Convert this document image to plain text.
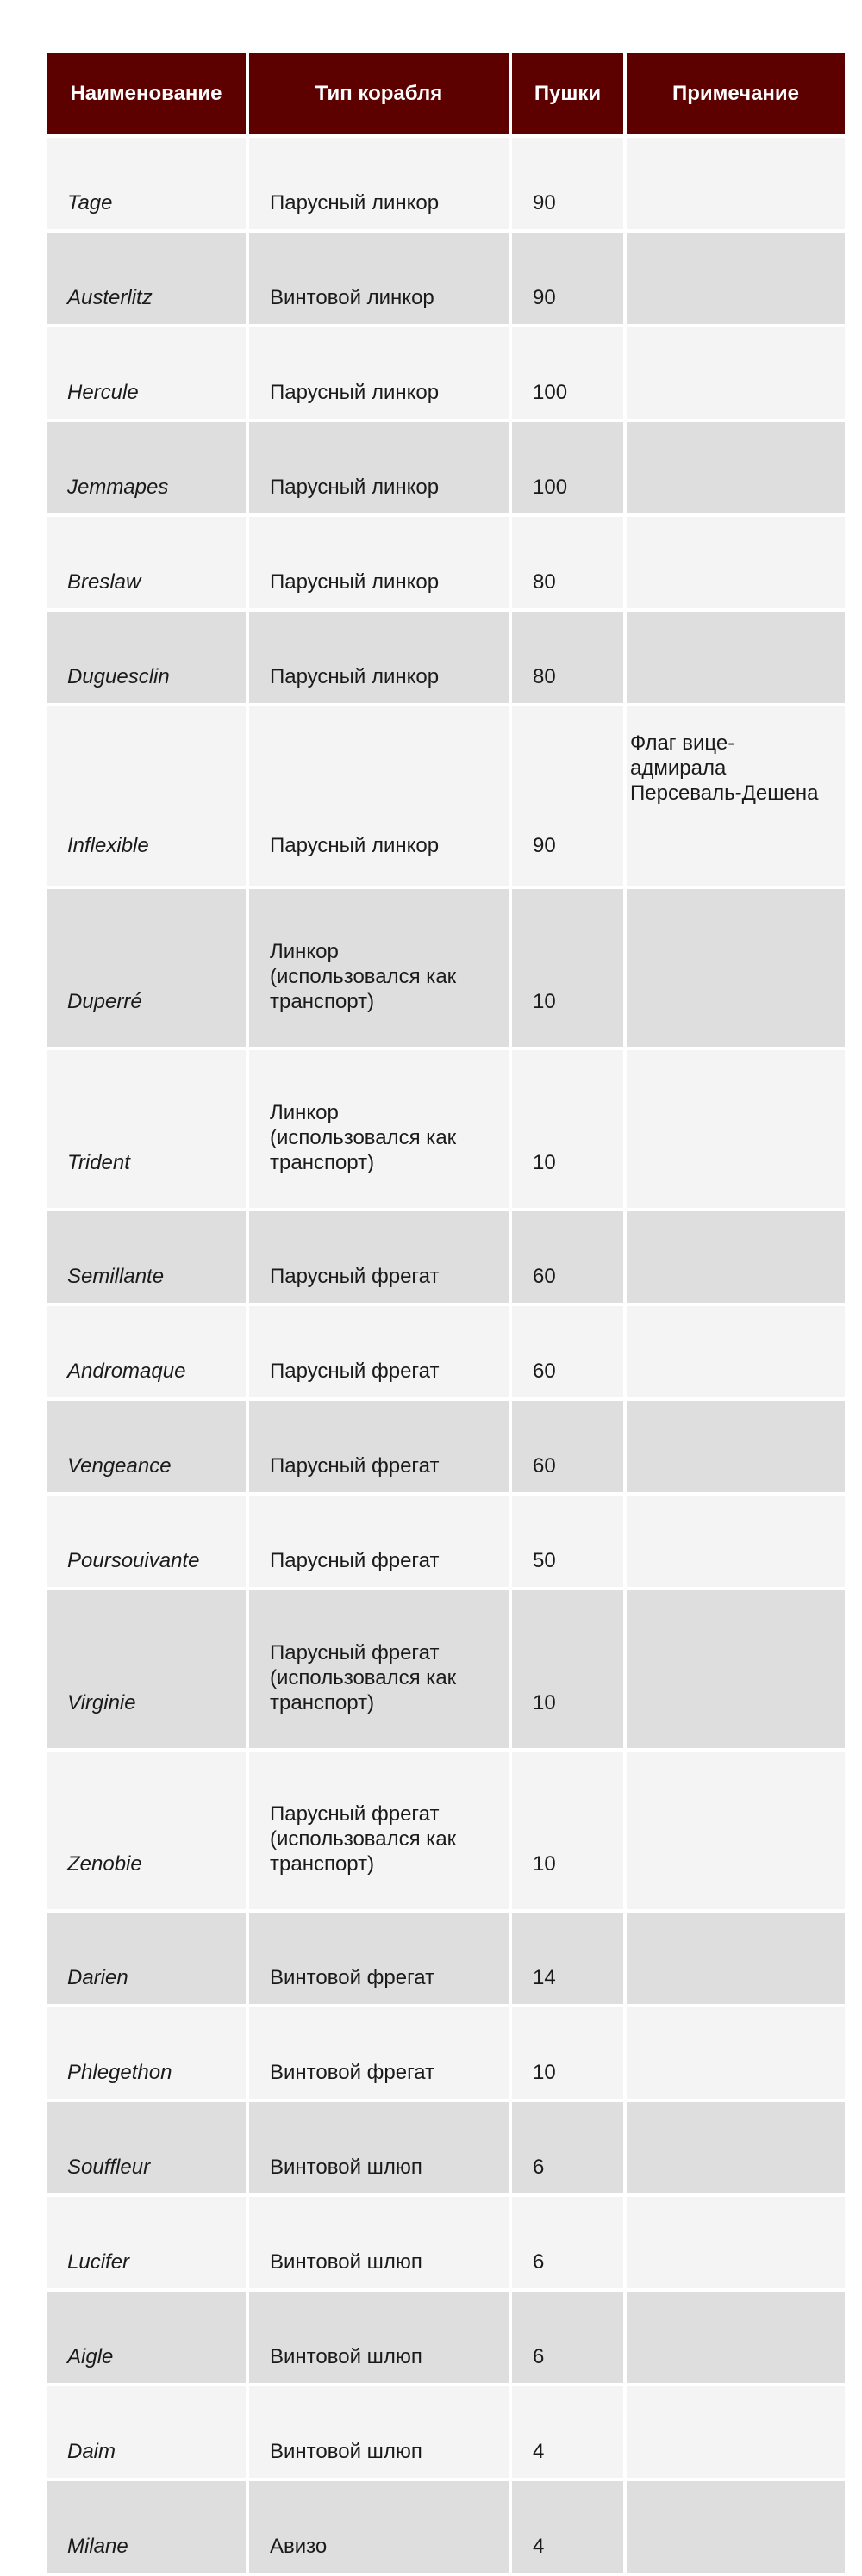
Наименование	Тип корабля	Пушки	Примечание
Tage	Парусный линкор	90	
Austerlitz	Винтовой линкор	90	
Hercule	Парусный линкор	100	
Jemmapes	Парусный линкор	100	
Breslaw	Парусный линкор	80	
Duguesclin	Парусный линкор	80	
Inflexible	Парусный линкор	90	Флаг вице-адмирала Персеваль-Дешена
Duperré	Линкор (использовался как транспорт)	10	
Trident	Линкор (использовался как транспорт)	10	
Semillante	Парусный фрегат	60	
Andromaque	Парусный фрегат	60	
Vengeance	Парусный фрегат	60	
Poursouivante	Парусный фрегат	50	
Virginie	Парусный фрегат (использовался как транспорт)	10	
Zenobie	Парусный фрегат (использовался как транспорт)	10	
Darien	Винтовой фрегат	14	
Phlegethon	Винтовой фрегат	10	
Souffleur	Винтовой шлюп	6	
Lucifer	Винтовой шлюп	6	
Aigle	Винтовой шлюп	6	
Daim	Винтовой шлюп	4	
Milane	Авизо	4	
